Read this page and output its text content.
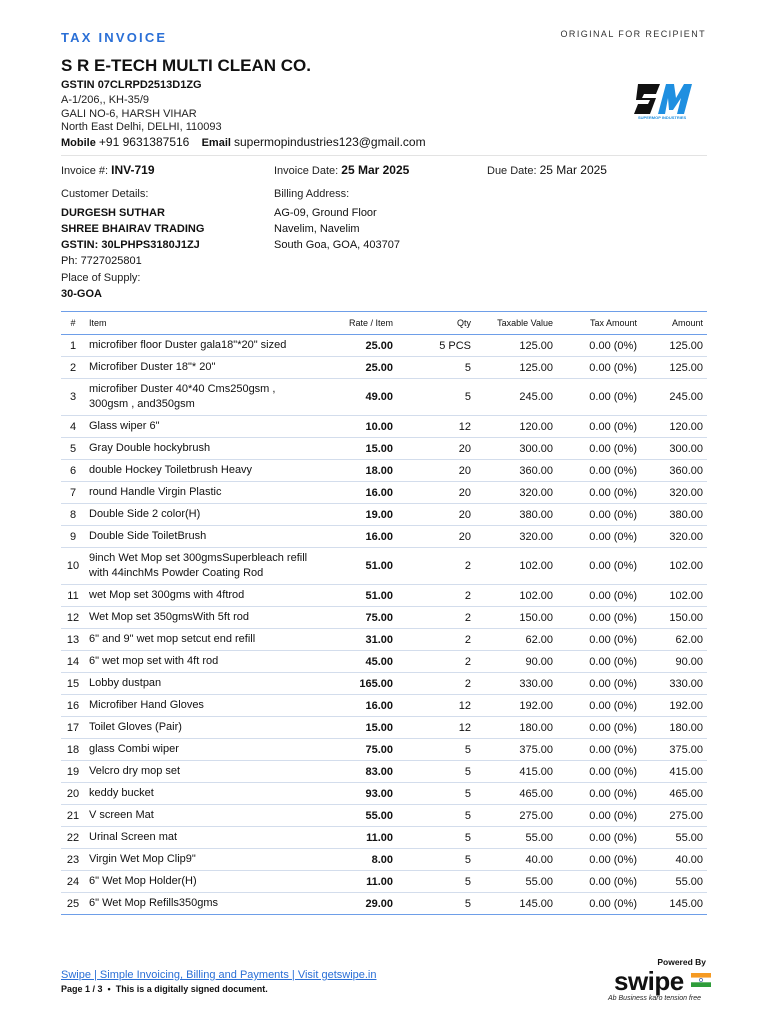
TAX INVOICE	ORIGINAL FOR RECIPIENT
S R E-TECH MULTI CLEAN CO.
GSTIN 07CLRPD2513D1ZG
A-1/206,, KH-35/9
GALI NO-6, HARSH VIHAR
North East Delhi, DELHI, 110093
Mobile +91 9631387516 Email supermopindustries123@gmail.com
SUPERMOP INDUSTRIES
Invoice #: INV-719	Invoice Date: 25 Mar 2025	Due Date: 25 Mar 2025
Customer Details:
DURGESH SUTHAR
SHREE BHAIRAV TRADING
GSTIN: 30LPHPS3180J1ZJ
Ph: 7727025801
Billing Address:
AG-09, Ground Floor
Navelim, Navelim
South Goa, GOA, 403707
Place of Supply:
30-GOA
#	Item	Rate / Item	Qty	Taxable Value	Tax Amount	Amount
1	microfiber floor Duster gala18"*20" sized	25.00	5 PCS	125.00	0.00 (0%)	125.00
2	Microfiber Duster 18"* 20"	25.00	5	125.00	0.00 (0%)	125.00
3	microfiber Duster 40*40 Cms250gsm , 300gsm , and350gsm	49.00	5	245.00	0.00 (0%)	245.00
4	Glass wiper 6"	10.00	12	120.00	0.00 (0%)	120.00
5	Gray Double hockybrush	15.00	20	300.00	0.00 (0%)	300.00
6	double Hockey Toiletbrush Heavy	18.00	20	360.00	0.00 (0%)	360.00
7	round Handle Virgin Plastic	16.00	20	320.00	0.00 (0%)	320.00
8	Double Side 2 color(H)	19.00	20	380.00	0.00 (0%)	380.00
9	Double Side ToiletBrush	16.00	20	320.00	0.00 (0%)	320.00
10	9inch Wet Mop set 300gmsSuperbleach refill with 44inchMs Powder Coating Rod	51.00	2	102.00	0.00 (0%)	102.00
11	wet Mop set 300gms with 4ftrod	51.00	2	102.00	0.00 (0%)	102.00
12	Wet Mop set 350gmsWith 5ft rod	75.00	2	150.00	0.00 (0%)	150.00
13	6" and 9" wet mop setcut end refill	31.00	2	62.00	0.00 (0%)	62.00
14	6" wet mop set with 4ft rod	45.00	2	90.00	0.00 (0%)	90.00
15	Lobby dustpan	165.00	2	330.00	0.00 (0%)	330.00
16	Microfiber Hand Gloves	16.00	12	192.00	0.00 (0%)	192.00
17	Toilet Gloves (Pair)	15.00	12	180.00	0.00 (0%)	180.00
18	glass Combi wiper	75.00	5	375.00	0.00 (0%)	375.00
19	Velcro dry mop set	83.00	5	415.00	0.00 (0%)	415.00
20	keddy bucket	93.00	5	465.00	0.00 (0%)	465.00
21	V screen Mat	55.00	5	275.00	0.00 (0%)	275.00
22	Urinal Screen mat	11.00	5	55.00	0.00 (0%)	55.00
23	Virgin Wet Mop Clip9"	8.00	5	40.00	0.00 (0%)	40.00
24	6" Wet Mop Holder(H)	11.00	5	55.00	0.00 (0%)	55.00
25	6" Wet Mop Refills350gms	29.00	5	145.00	0.00 (0%)	145.00
Swipe | Simple Invoicing, Billing and Payments | Visit getswipe.in
Page 1 / 3 • This is a digitally signed document.
Powered By
swipe
Ab Business karo tension free
